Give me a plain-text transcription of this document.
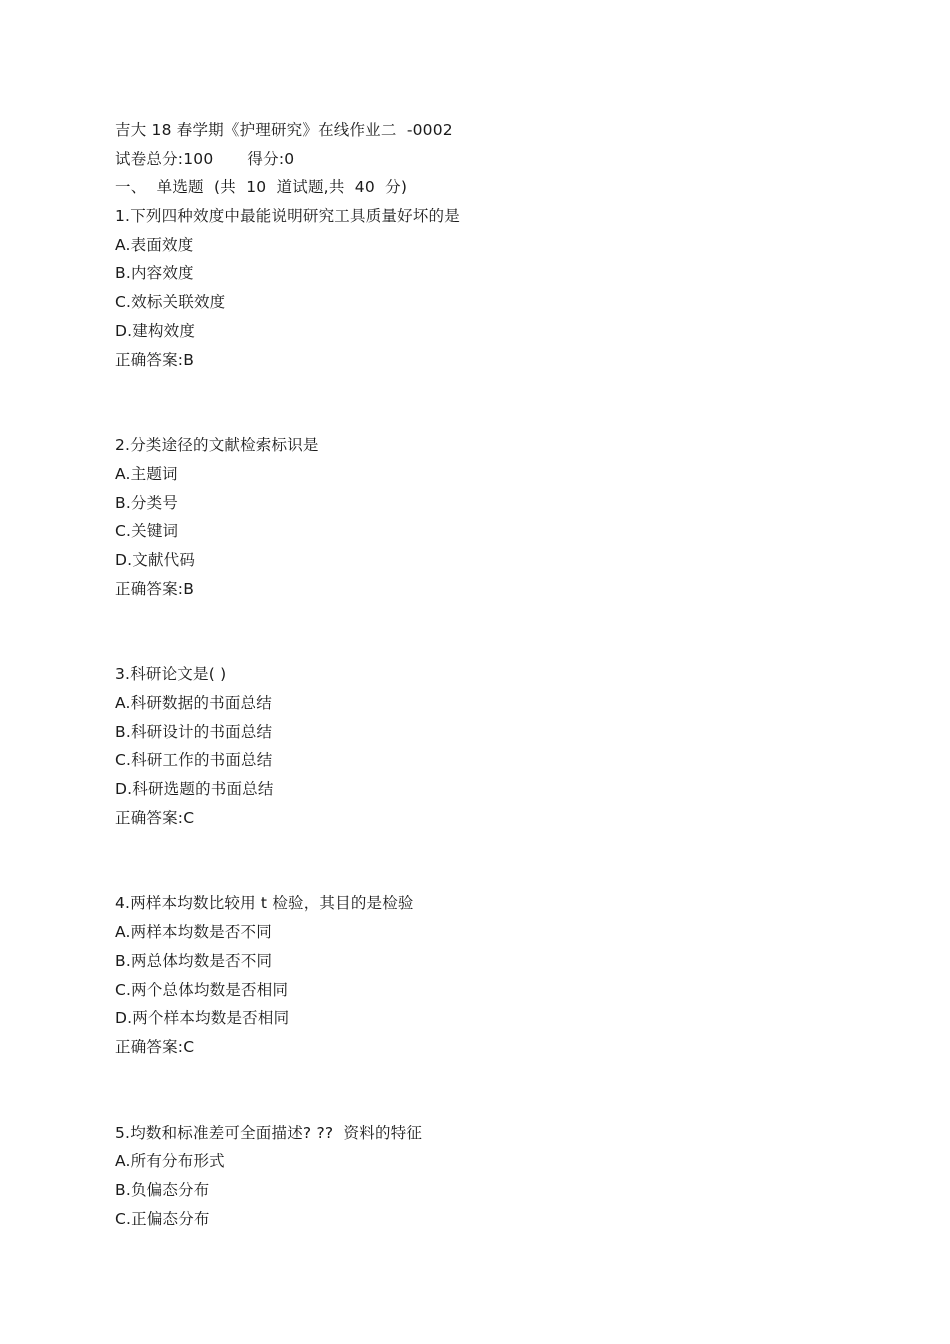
吉大 18 春学期《护理研究》在线作业二  -0002
试卷总分:100 得分:0
一、  单选题  (共  10  道试题,共  40  分)
1.下列四种效度中最能说明研究工具质量好坏的是
A.表面效度
B.内容效度
C.效标关联效度
D.建构效度
正确答案:B
2.分类途径的文献检索标识是
A.主题词
B.分类号
C.关键词
D.文献代码
正确答案:B
3.科研论文是( )
A.科研数据的书面总结
B.科研设计的书面总结
C.科研工作的书面总结
D.科研选题的书面总结
正确答案:C
4.两样本均数比较用 t 检验，其目的是检验
A.两样本均数是否不同
B.两总体均数是否不同
C.两个总体均数是否相同
D.两个样本均数是否相同
正确答案:C
5.均数和标准差可全面描述? ??  资料的特征
A.所有分布形式
B.负偏态分布
C.正偏态分布
